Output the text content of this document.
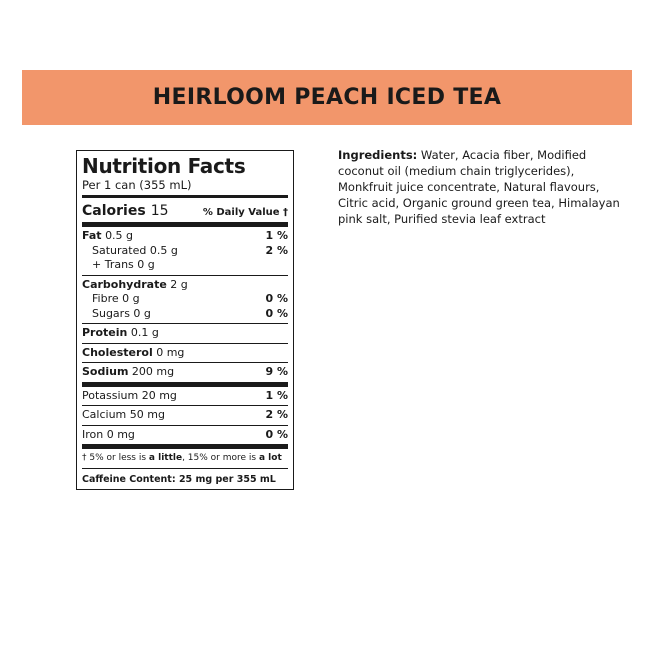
HEIRLOOM PEACH ICED TEA
Nutrition Facts
Per 1 can (355 mL)
Calories 15	% Daily Value †
Fat 0.5 g	1 %
Saturated 0.5 g	2 %
+ Trans 0 g
Carbohydrate 2 g
Fibre 0 g	0 %
Sugars 0 g	0 %
Protein 0.1 g
Cholesterol 0 mg
Sodium 200 mg	9 %
Potassium 20 mg	1 %
Calcium 50 mg	2 %
Iron 0 mg	0 %
† 5% or less is a little, 15% or more is a lot
Caffeine Content: 25 mg per 355 mL
Ingredients: Water, Acacia fiber, Modified coconut oil (medium chain triglycerides), Monkfruit juice concentrate, Natural flavours, Citric acid, Organic ground green tea, Himalayan pink salt, Purified stevia leaf extract
